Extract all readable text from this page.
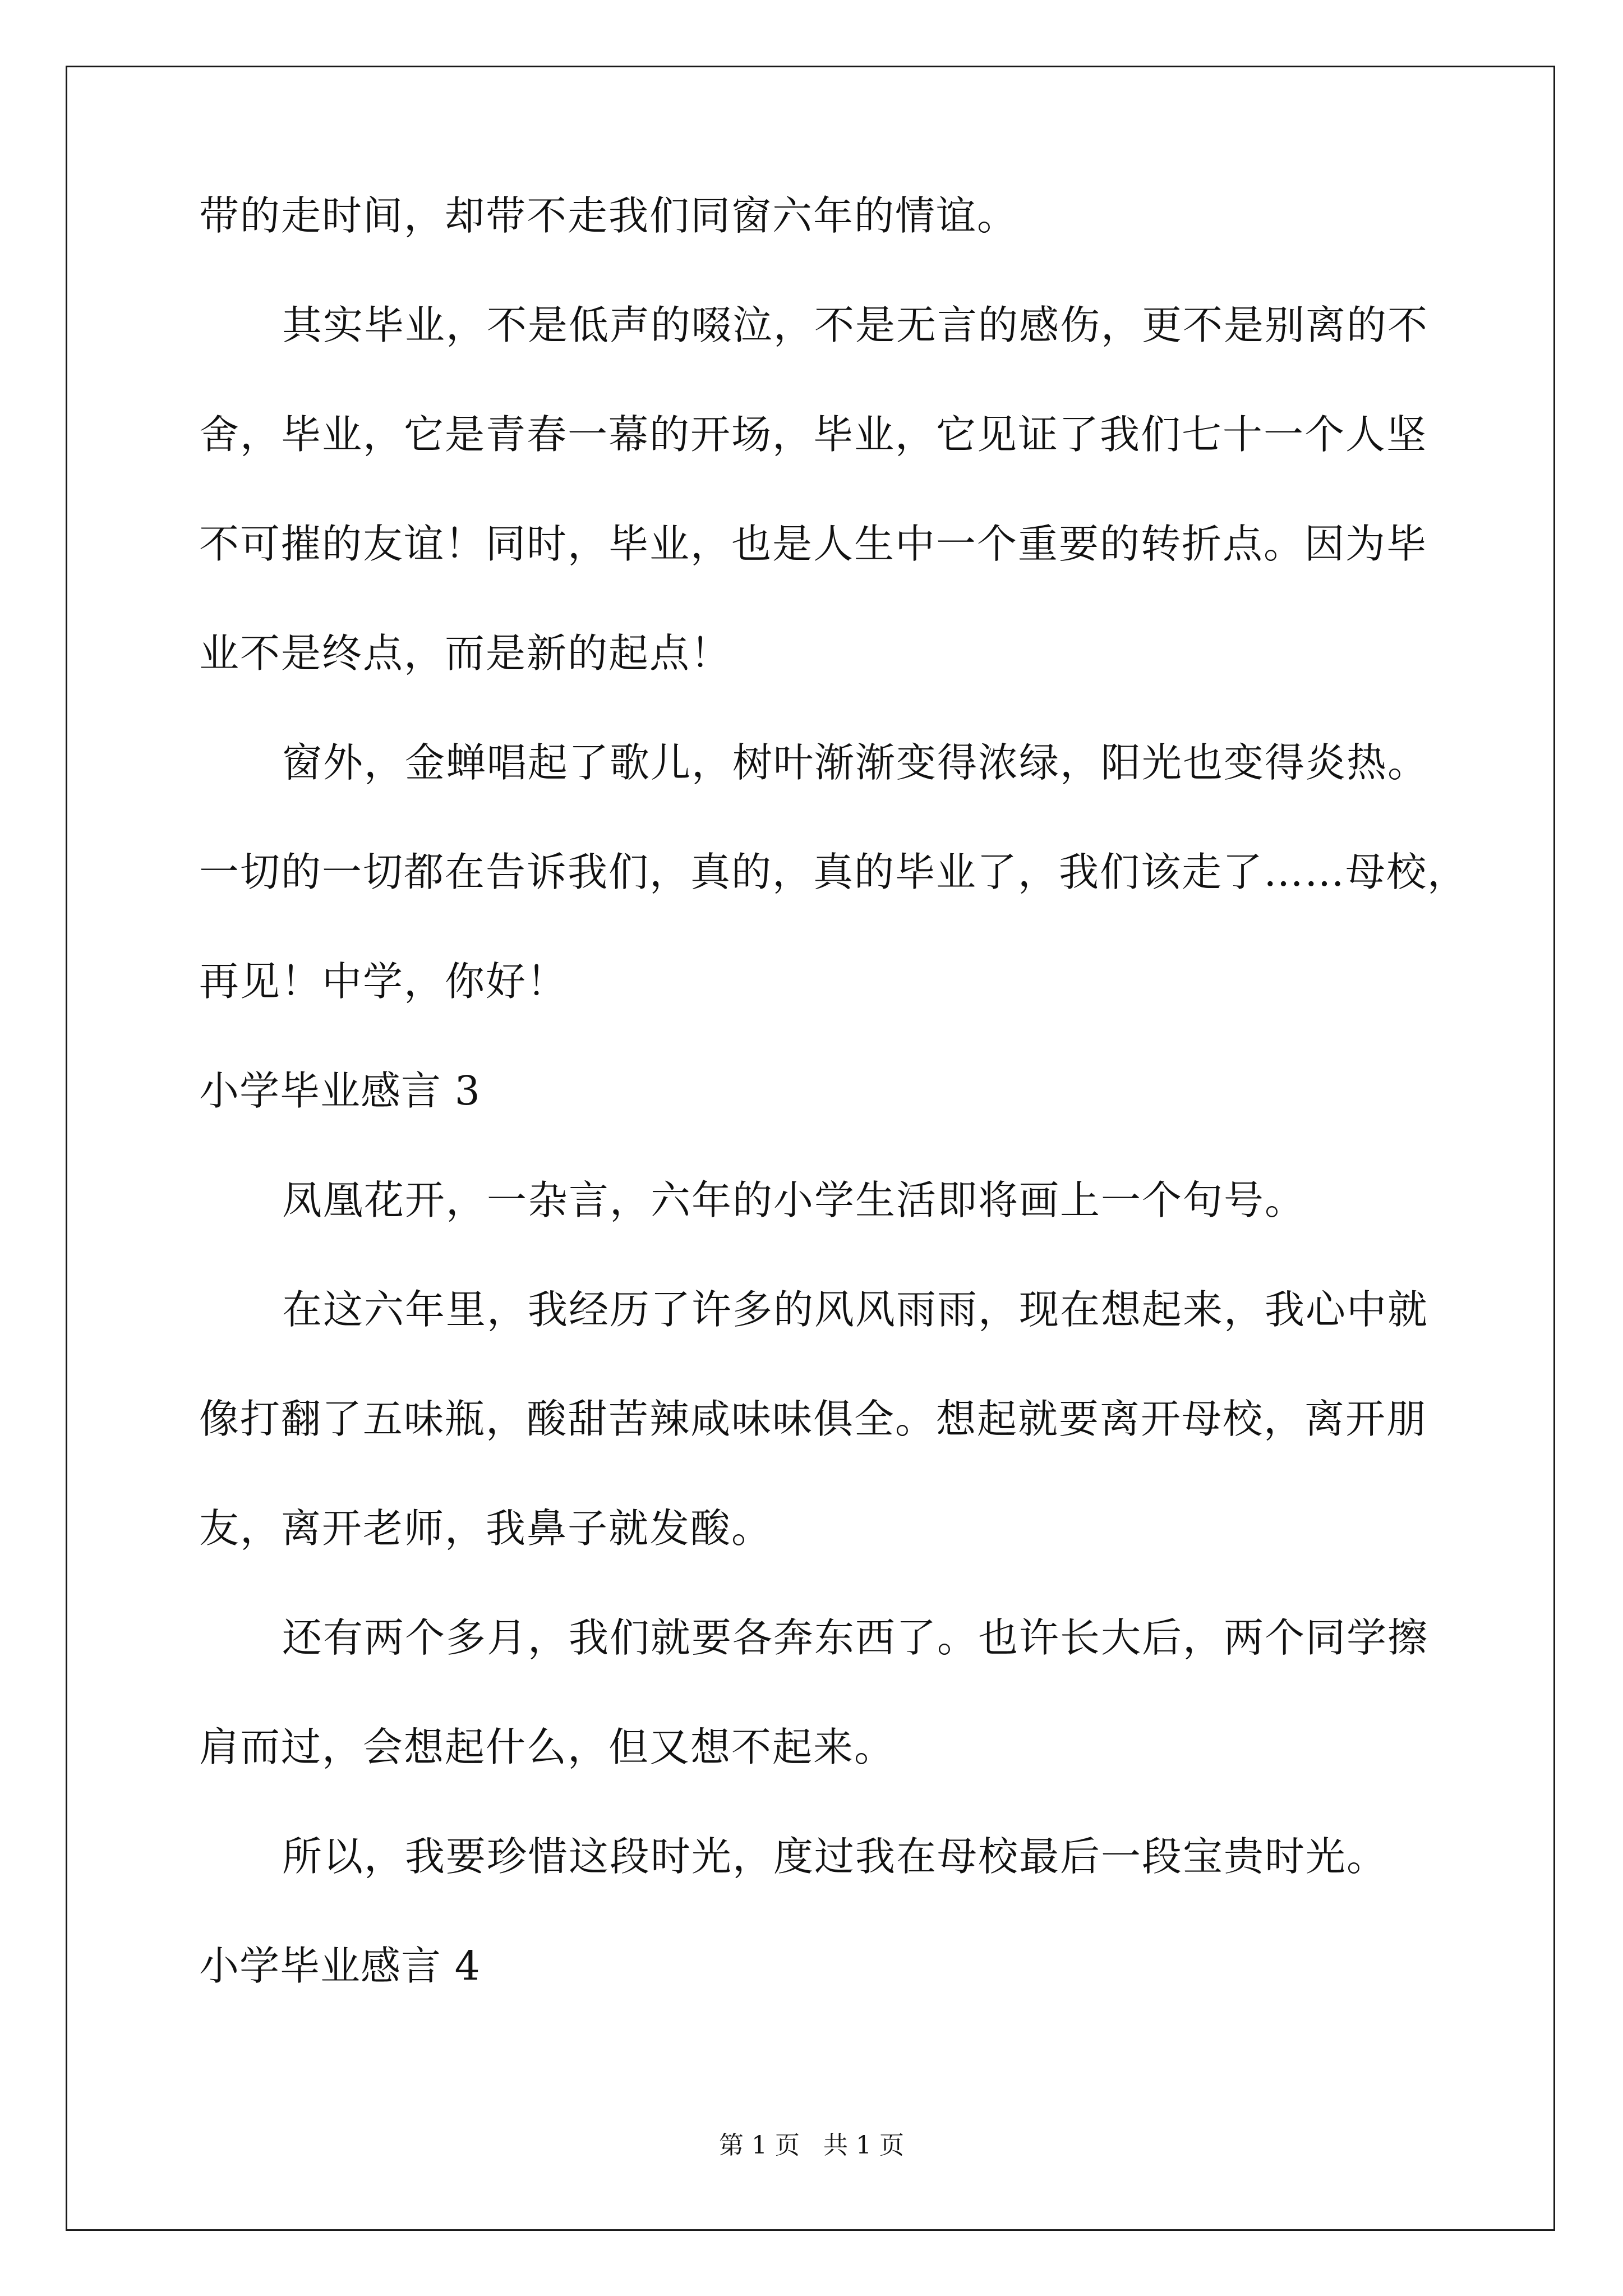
带的走时间，却带不走我们同窗六年的情谊。
其实毕业，不是低声的啜泣，不是无言的感伤，更不是别离的不
舍，毕业，它是青春一幕的开场，毕业，它见证了我们七十一个人坚
不可摧的友谊！同时，毕业，也是人生中一个重要的转折点。因为毕
业不是终点，而是新的起点！
窗外，金蝉唱起了歌儿，树叶渐渐变得浓绿，阳光也变得炎热。
一切的一切都在告诉我们，真的，真的毕业了，我们该走了……母校，
再见！中学，你好！
小学毕业感言 3
凤凰花开，一杂言，六年的小学生活即将画上一个句号。
在这六年里，我经历了许多的风风雨雨，现在想起来，我心中就
像打翻了五味瓶，酸甜苦辣咸味味俱全。想起就要离开母校，离开朋
友，离开老师，我鼻子就发酸。
还有两个多月，我们就要各奔东西了。也许长大后，两个同学擦
肩而过，会想起什么，但又想不起来。
所以，我要珍惜这段时光，度过我在母校最后一段宝贵时光。
小学毕业感言 4
第 1 页   共 1 页
